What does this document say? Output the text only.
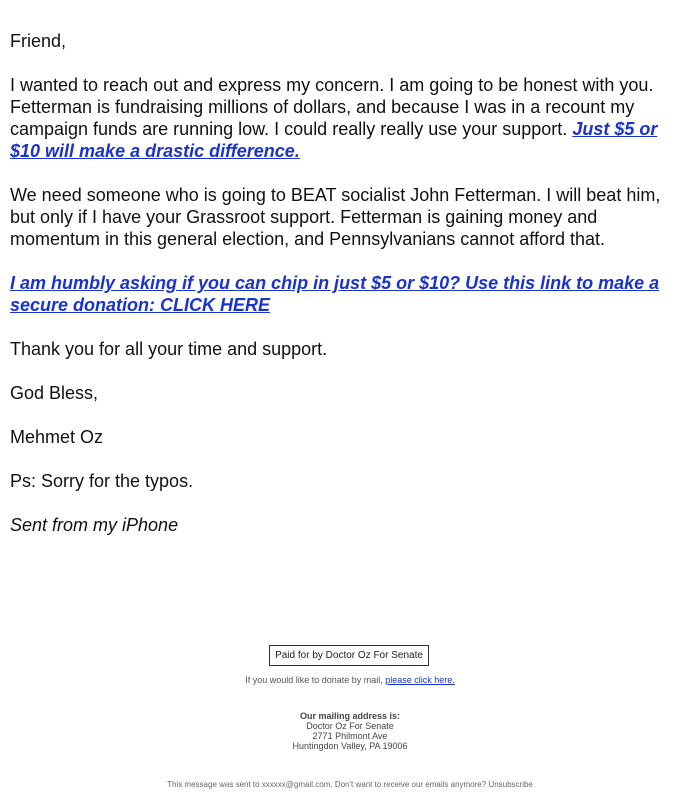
Friend,

I wanted to reach out and express my concern. I am going to be honest with you. Fetterman is fundraising millions of dollars, and because I was in a recount my campaign funds are running low. I could really really use your support. Just $5 or $10 will make a drastic difference.

We need someone who is going to BEAT socialist John Fetterman. I will beat him, but only if I have your Grassroot support. Fetterman is gaining money and momentum in this general election, and Pennsylvanians cannot afford that.

I am humbly asking if you can chip in just $5 or $10? Use this link to make a secure donation: CLICK HERE

Thank you for all your time and support.

God Bless,

Mehmet Oz

Ps: Sorry for the typos.

Sent from my iPhone

Paid for by Doctor Oz For Senate
If you would like to donate by mail, please click here.
Our mailing address is:
Doctor Oz For Senate
2771 Philmont Ave
Huntingdon Valley, PA 19006
This message was sent to xxxxxx@gmail.com. Don't want to receive our emails anymore? Unsubscribe
